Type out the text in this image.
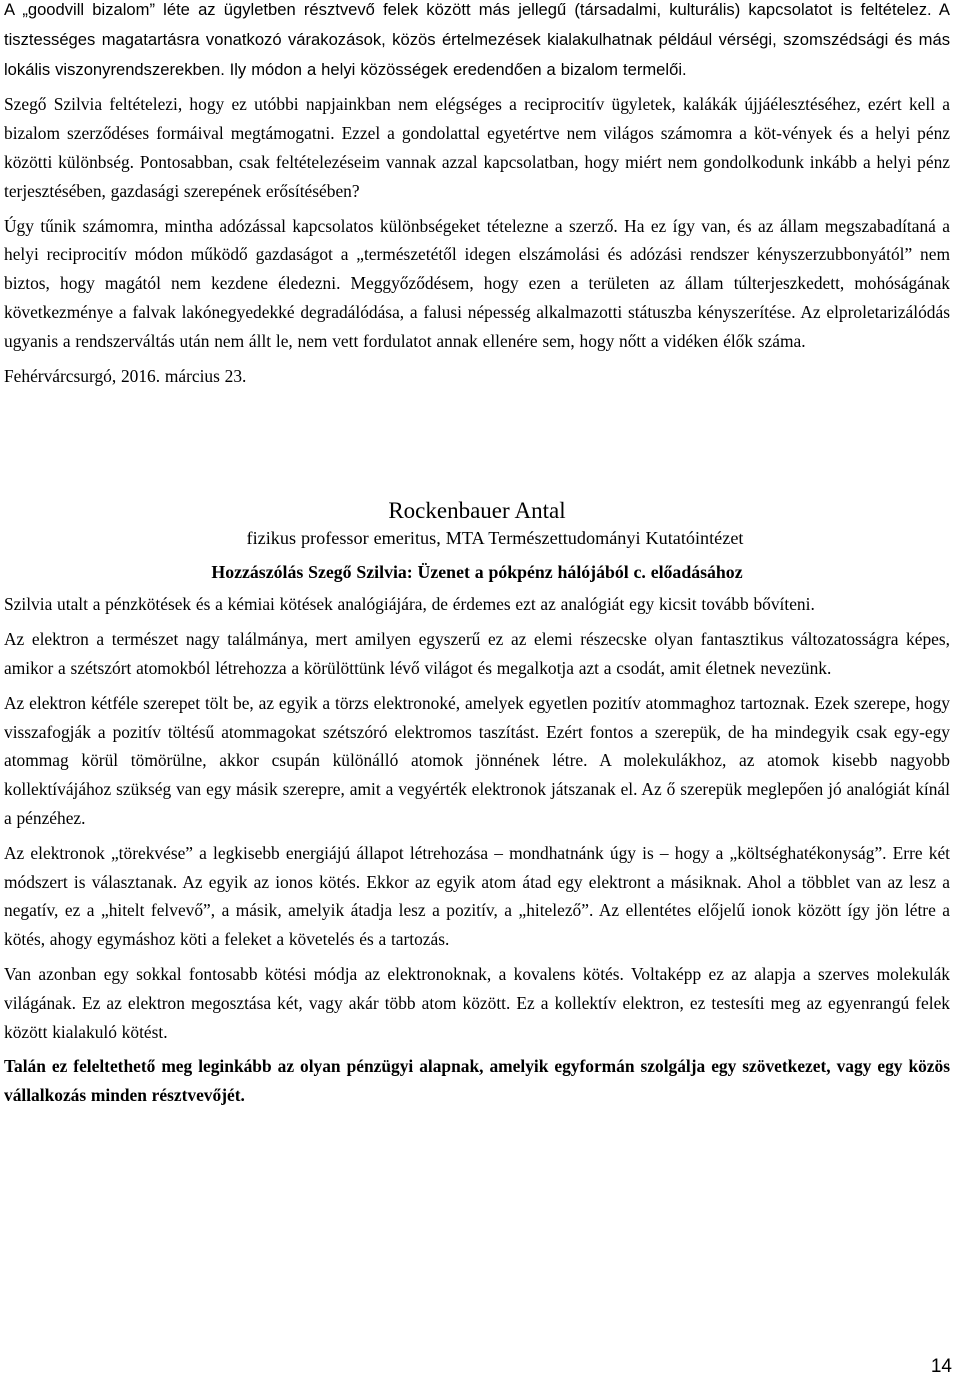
A „goodvill bizalom” léte az ügyletben résztvevő felek között más jellegű (társadalmi, kulturális) kapcsolatot is feltételez. A tisztességes magatartásra vonatkozó várakozások, közös értelmezések kialakulhatnak például vérségi, szomszédsági és más lokális viszonyrendszerekben. Ily módon a helyi közösségek eredendően a bizalom termelői.

Szegő Szilvia feltételezi, hogy ez utóbbi napjainkban nem elégséges a reciprocitív ügyletek, kalákák újjáélesztéséhez, ezért kell a bizalom szerződéses formáival megtámogatni. Ezzel a gondolattal egyetértve nem világos számomra a köt-vények és a helyi pénz közötti különbség. Pontosabban, csak feltételezéseim vannak azzal kapcsolatban, hogy miért nem gondolkodunk inkább a helyi pénz terjesztésében, gazdasági szerepének erősítésében?

Úgy tűnik számomra, mintha adózással kapcsolatos különbségeket tételezne a szerző. Ha ez így van, és az állam megszabadítaná a helyi reciprocitív módon működő gazdaságot a „természetétől idegen elszámolási és adózási rendszer kényszerzubbonyától” nem biztos, hogy magától nem kezdene éledezni. Meggyőződésem, hogy ezen a területen az állam túlterjeszkedett, mohóságának következménye a falvak lakónegyedekké degradálódása, a falusi népesség alkalmazotti státuszba kényszerítése. Az elproletarizálódás ugyanis a rendszerváltás után nem állt le, nem vett fordulatot annak ellenére sem, hogy nőtt a vidéken élők száma.

Fehérvárcsurgó, 2016. március 23.

Rockenbauer Antal

fizikus professor emeritus, MTA Természettudományi Kutatóintézet

Hozzászólás Szegő Szilvia: Üzenet a pókpénz hálójából c. előadásához

Szilvia utalt a pénzkötések és a kémiai kötések analógiájára, de érdemes ezt az analógiát egy kicsit tovább bővíteni.

Az elektron a természet nagy találmánya, mert amilyen egyszerű ez az elemi részecske olyan fantasztikus változatosságra képes, amikor a szétszórt atomokból létrehozza a körülöttünk lévő világot és megalkotja azt a csodát, amit életnek nevezünk.

Az elektron kétféle szerepet tölt be, az egyik a törzs elektronoké, amelyek egyetlen pozitív atommaghoz tartoznak. Ezek szerepe, hogy visszafogják a pozitív töltésű atommagokat szétszóró elektromos taszítást. Ezért fontos a szerepük, de ha mindegyik csak egy-egy atommag körül tömörülne, akkor csupán különálló atomok jönnének létre. A molekulákhoz, az atomok kisebb nagyobb kollektívájához szükség van egy másik szerepre, amit a vegyérték elektronok játszanak el. Az ő szerepük meglepően jó analógiát kínál a pénzéhez.

Az elektronok „törekvése” a legkisebb energiájú állapot létrehozása – mondhatnánk úgy is – hogy a „költséghatékonyság”. Erre két módszert is választanak. Az egyik az ionos kötés. Ekkor az egyik atom átad egy elektront a másiknak. Ahol a többlet van az lesz a negatív, ez a „hitelt felvevő”, a másik, amelyik átadja lesz a pozitív, a „hitelező”. Az ellentétes előjelű ionok között így jön létre a kötés, ahogy egymáshoz köti a feleket a követelés és a tartozás.

Van azonban egy sokkal fontosabb kötési módja az elektronoknak, a kovalens kötés. Voltaképp ez az alapja a szerves molekulák világának. Ez az elektron megosztása két, vagy akár több atom között. Ez a kollektív elektron, ez testesíti meg az egyenrangú felek között kialakuló kötést.

Talán ez feleltethető meg leginkább az olyan pénzügyi alapnak, amelyik egyformán szolgálja egy szövetkezet, vagy egy közös vállalkozás minden résztvevőjét.

14
